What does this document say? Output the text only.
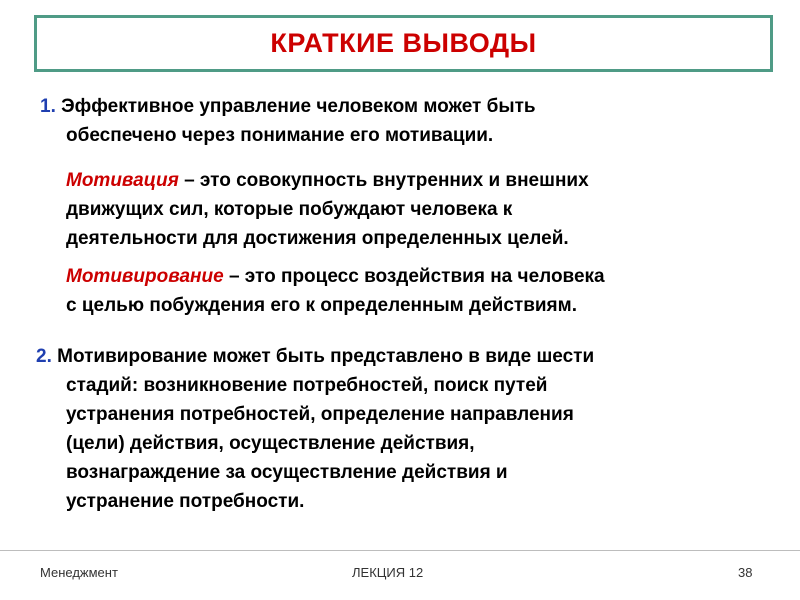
КРАТКИЕ ВЫВОДЫ
1. Эффективное управление человеком может быть
обеспечено через понимание его мотивации.
Мотивация – это совокупность внутренних и внешних
движущих сил, которые побуждают человека к
деятельности для достижения определенных целей.
Мотивирование – это процесс воздействия на человека
с целью побуждения его к определенным действиям.
2. Мотивирование может быть представлено в виде шести
стадий: возникновение потребностей, поиск путей
устранения потребностей, определение направления
(цели) действия, осуществление действия,
вознаграждение за осуществление действия и
устранение потребности.
Менеджмент	ЛЕКЦИЯ 12	38
